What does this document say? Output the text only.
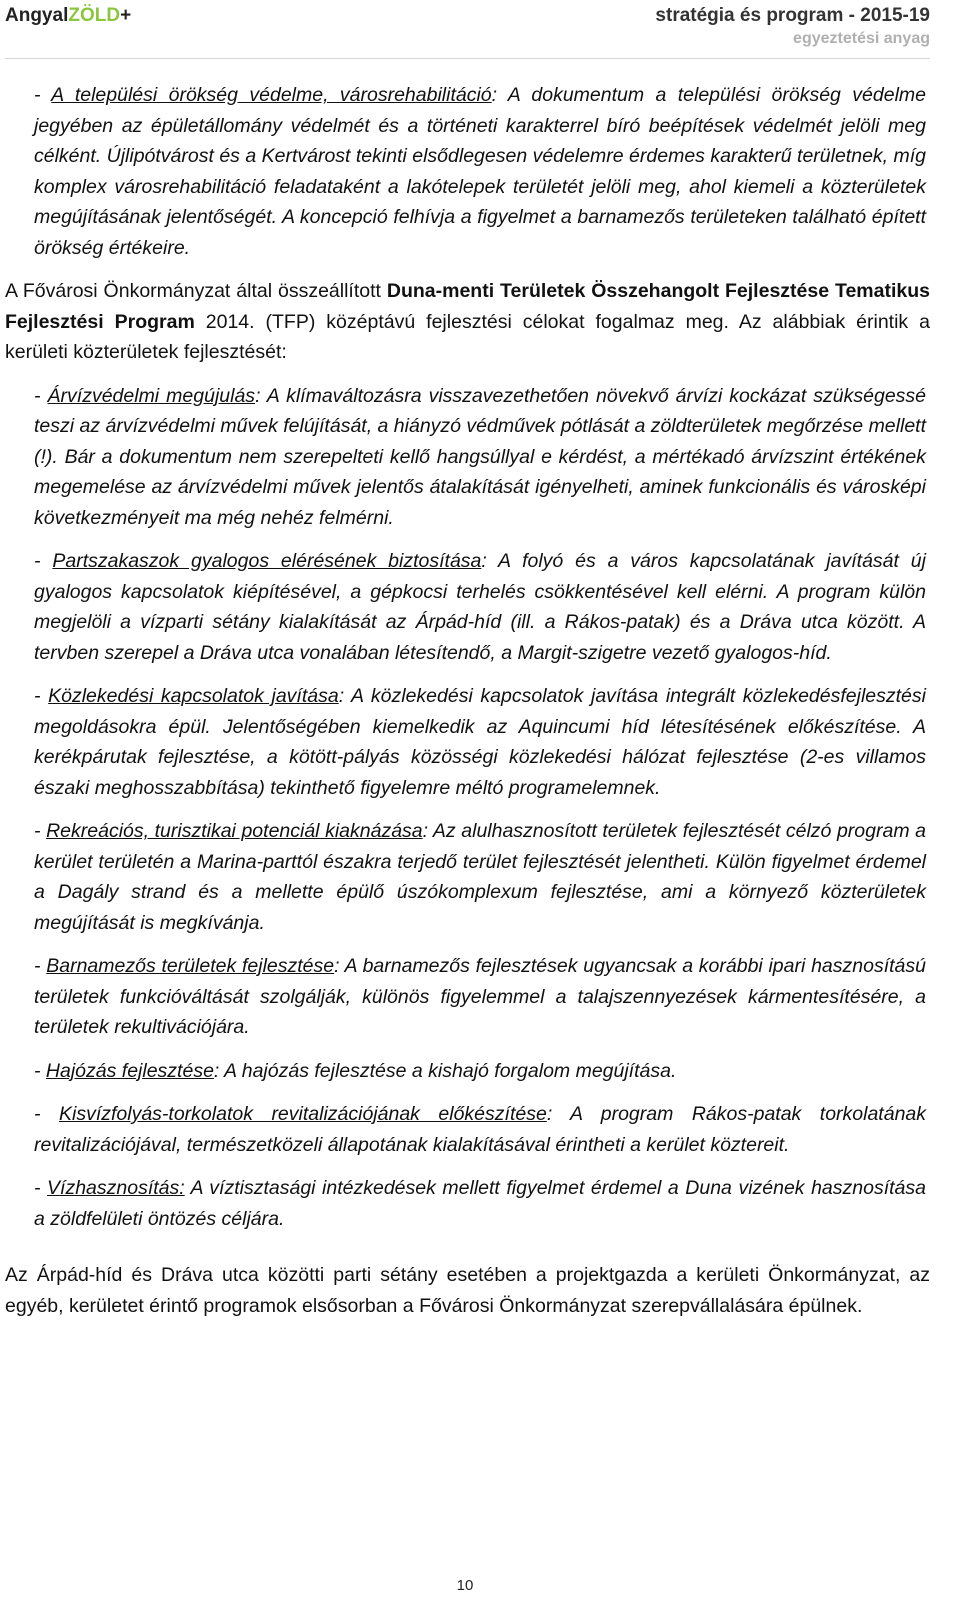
AngyalZÖLD+	stratégia és program - 2015-19
egyeztetési anyag

- A települési örökség védelme, városrehabilitáció: A dokumentum a települési örökség védelme jegyében az épületállomány védelmét és a történeti karakterrel bíró beépítések védelmét jelöli meg célként. Újlipótvárost és a Kertvárost tekinti elsődlegesen védelemre érdemes karakterű területnek, míg komplex városrehabilitáció feladataként a lakótelepek területét jelöli meg, ahol kiemeli a közterületek megújításának jelentőségét. A koncepció felhívja a figyelmet a barnamezős területeken található épített örökség értékeire.

A Fővárosi Önkormányzat által összeállított Duna-menti Területek Összehangolt Fejlesztése Tematikus Fejlesztési Program 2014. (TFP) középtávú fejlesztési célokat fogalmaz meg. Az alábbiak érintik a kerületi közterületek fejlesztését:

- Árvízvédelmi megújulás: A klímaváltozásra visszavezethetően növekvő árvízi kockázat szükségessé teszi az árvízvédelmi művek felújítását, a hiányzó védművek pótlását a zöldterületek megőrzése mellett (!). Bár a dokumentum nem szerepelteti kellő hangsúllyal e kérdést, a mértékadó árvízszint értékének megemelése az árvízvédelmi művek jelentős átalakítását igényelheti, aminek funkcionális és városképi következményeit ma még nehéz felmérni.

- Partszakaszok gyalogos elérésének biztosítása: A folyó és a város kapcsolatának javítását új gyalogos kapcsolatok kiépítésével, a gépkocsi terhelés csökkentésével kell elérni. A program külön megjelöli a vízparti sétány kialakítását az Árpád-híd (ill. a Rákos-patak) és a Dráva utca között. A tervben szerepel a Dráva utca vonalában létesítendő, a Margit-szigetre vezető gyalogos-híd.

- Közlekedési kapcsolatok javítása: A közlekedési kapcsolatok javítása integrált közlekedésfejlesztési megoldásokra épül. Jelentőségében kiemelkedik az Aquincumi híd létesítésének előkészítése. A kerékpárutak fejlesztése, a kötött-pályás közösségi közlekedési hálózat fejlesztése (2-es villamos északi meghosszabbítása) tekinthető figyelemre méltó programelemnek.

- Rekreációs, turisztikai potenciál kiaknázása: Az alulhasznosított területek fejlesztését célzó program a kerület területén a Marina-parttól északra terjedő terület fejlesztését jelentheti. Külön figyelmet érdemel a Dagály strand és a mellette épülő úszókomplexum fejlesztése, ami a környező közterületek megújítását is megkívánja.

- Barnamezős területek fejlesztése: A barnamezős fejlesztések ugyancsak a korábbi ipari hasznosítású területek funkcióváltását szolgálják, különös figyelemmel a talajszennyezések kármentesítésére, a területek rekultivációjára.

- Hajózás fejlesztése: A hajózás fejlesztése a kishajó forgalom megújítása.

- Kisvízfolyás-torkolatok revitalizációjának előkészítése: A program Rákos-patak torkolatának revitalizációjával, természetközeli állapotának kialakításával érintheti a kerület köztereit.

- Vízhasznosítás: A víztisztasági intézkedések mellett figyelmet érdemel a Duna vizének hasznosítása a zöldfelületi öntözés céljára.

Az Árpád-híd és Dráva utca közötti parti sétány esetében a projektgazda a kerületi Önkormányzat, az egyéb, kerületet érintő programok elsősorban a Fővárosi Önkormányzat szerepvállalására épülnek.

10
